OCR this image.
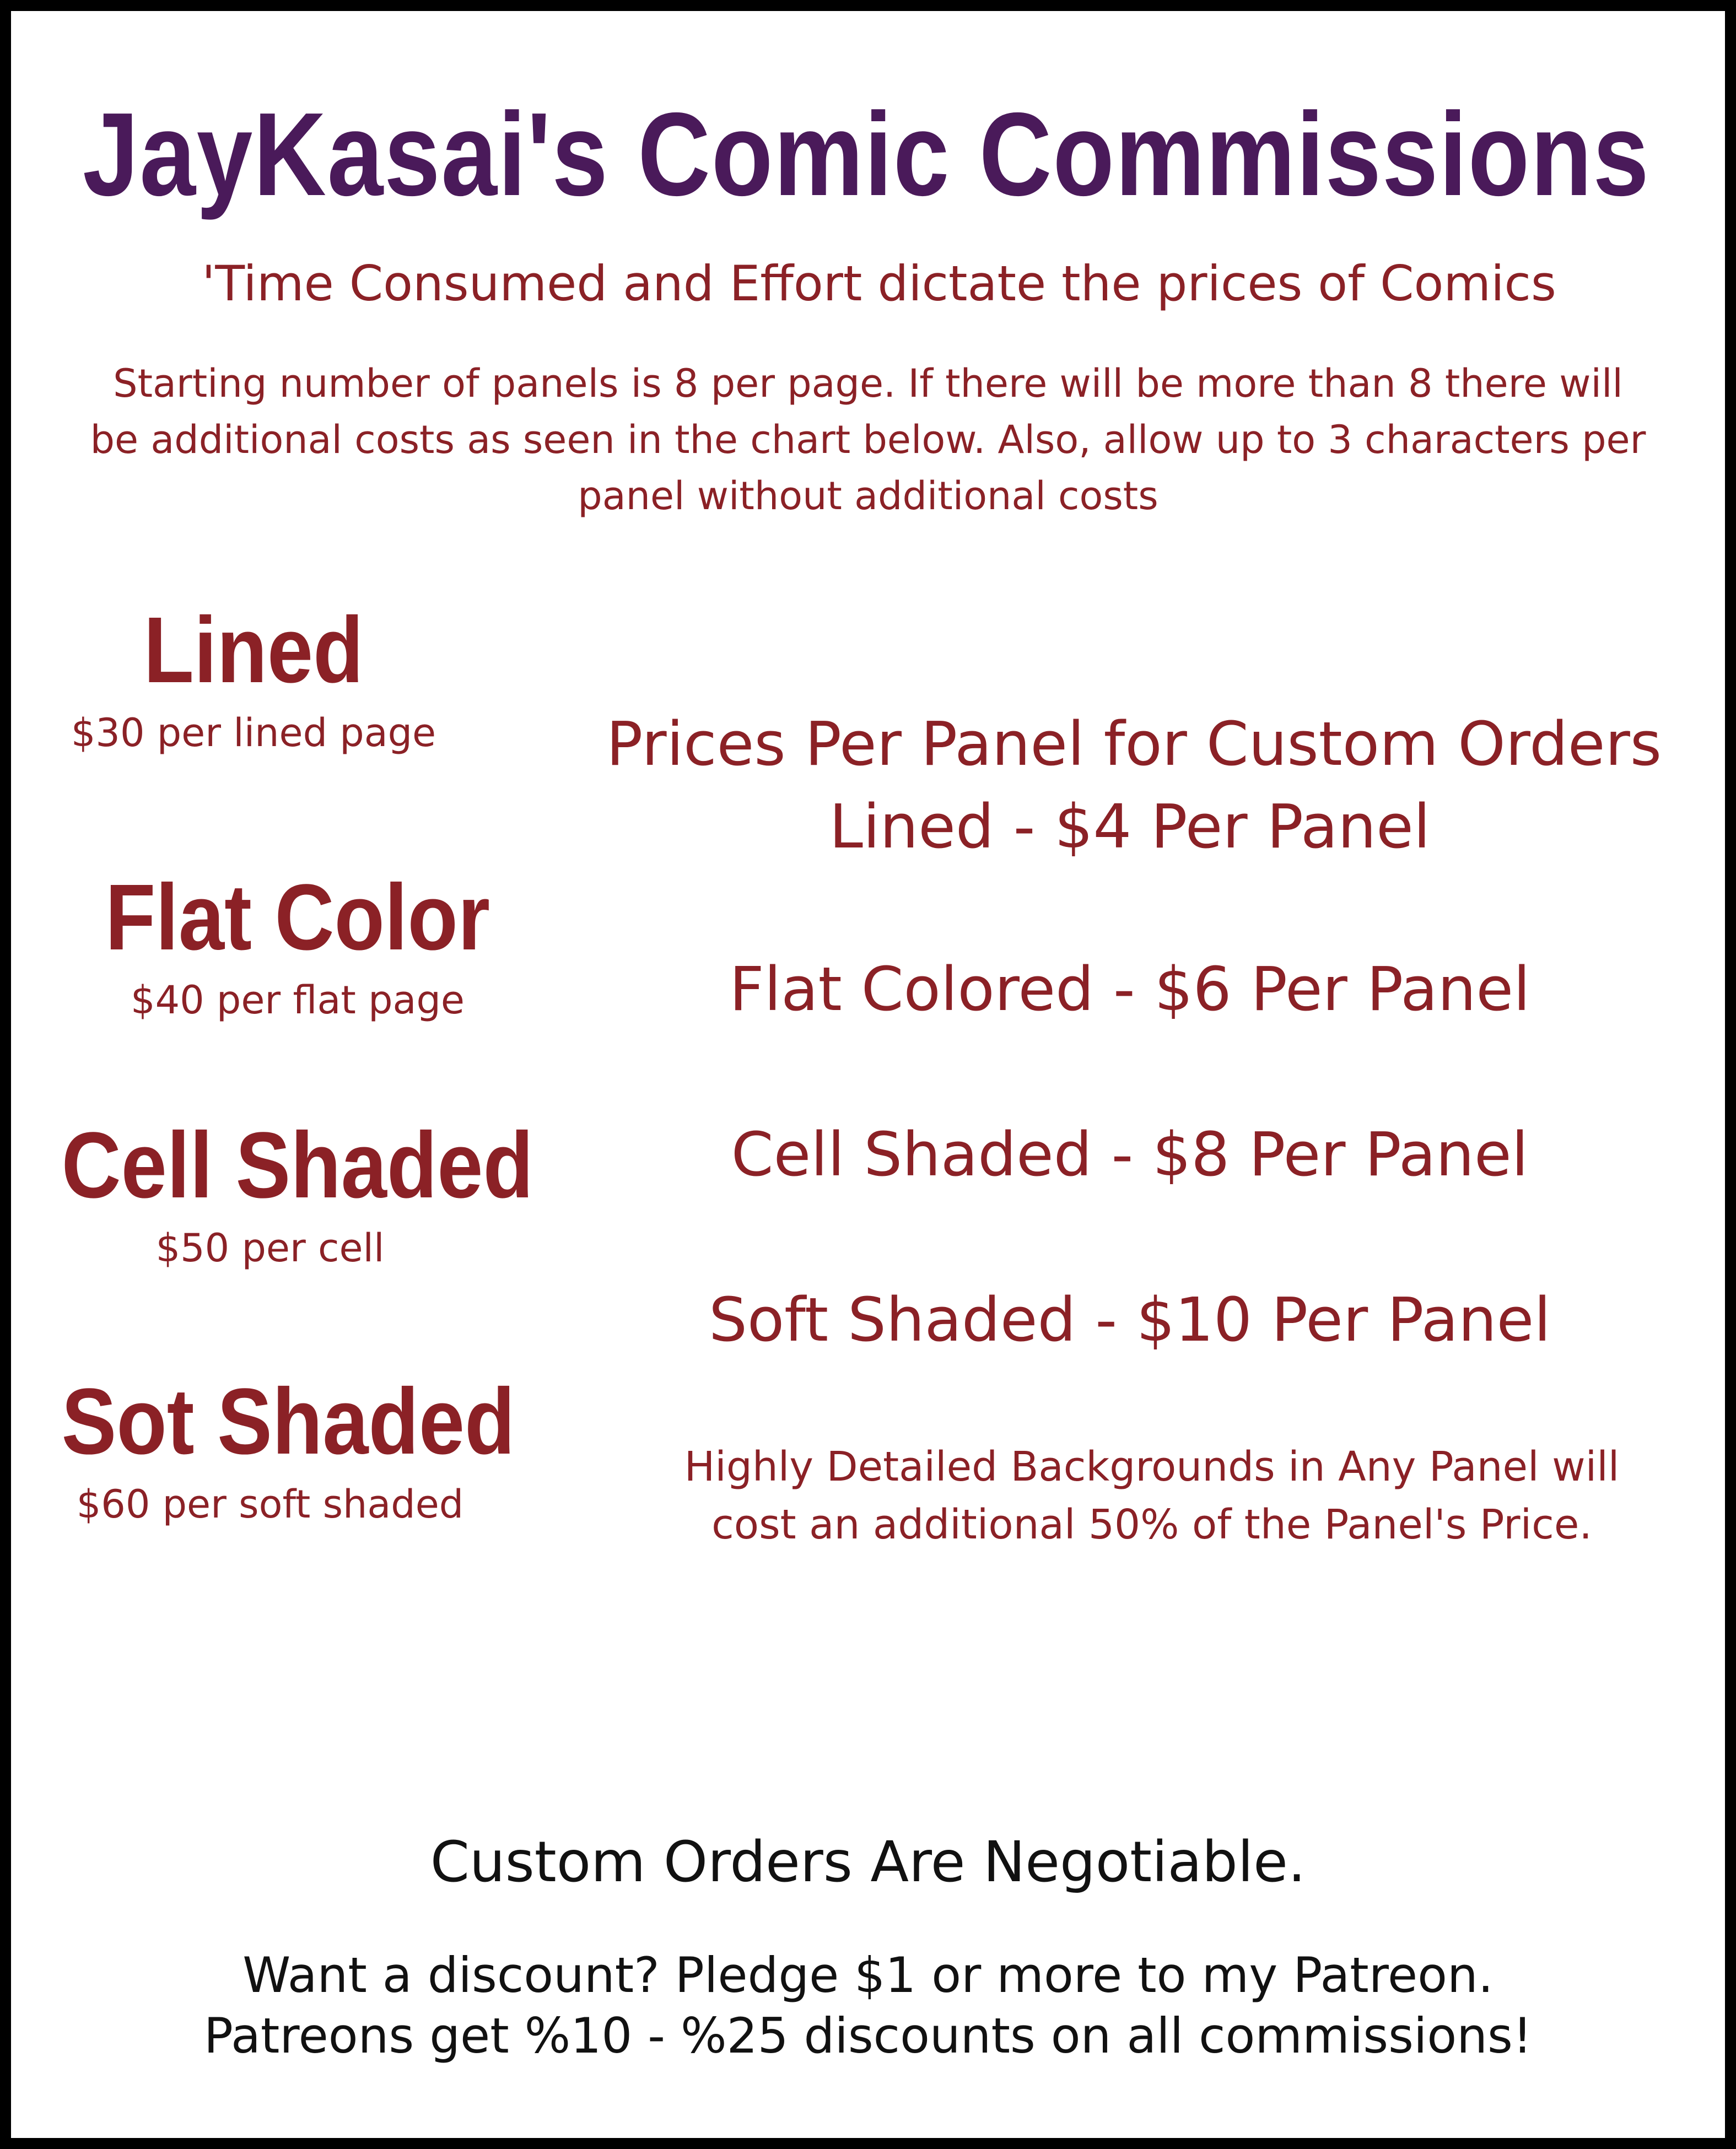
JayKasai's Comic Commissions
'Time Consumed and Effort dictate the prices of Comics
Starting number of panels is 8 per page. If there will be more than 8 there will be additional costs as seen in the chart below. Also, allow up to 3 characters per panel without additional costs
Lined
$30 per lined page
Flat Color
$40 per flat page
Cell Shaded
$50 per cell
Sot Shaded
$60 per soft shaded
Prices Per Panel for Custom Orders
Lined - $4 Per Panel
Flat Colored - $6 Per Panel
Cell Shaded - $8 Per Panel
Soft Shaded - $10 Per Panel
Highly Detailed Backgrounds in Any Panel will cost an additional 50% of the Panel's Price.
Custom Orders Are Negotiable.
Want a discount? Pledge $1 or more to my Patreon.
Patreons get %10 - %25 discounts on all commissions!
